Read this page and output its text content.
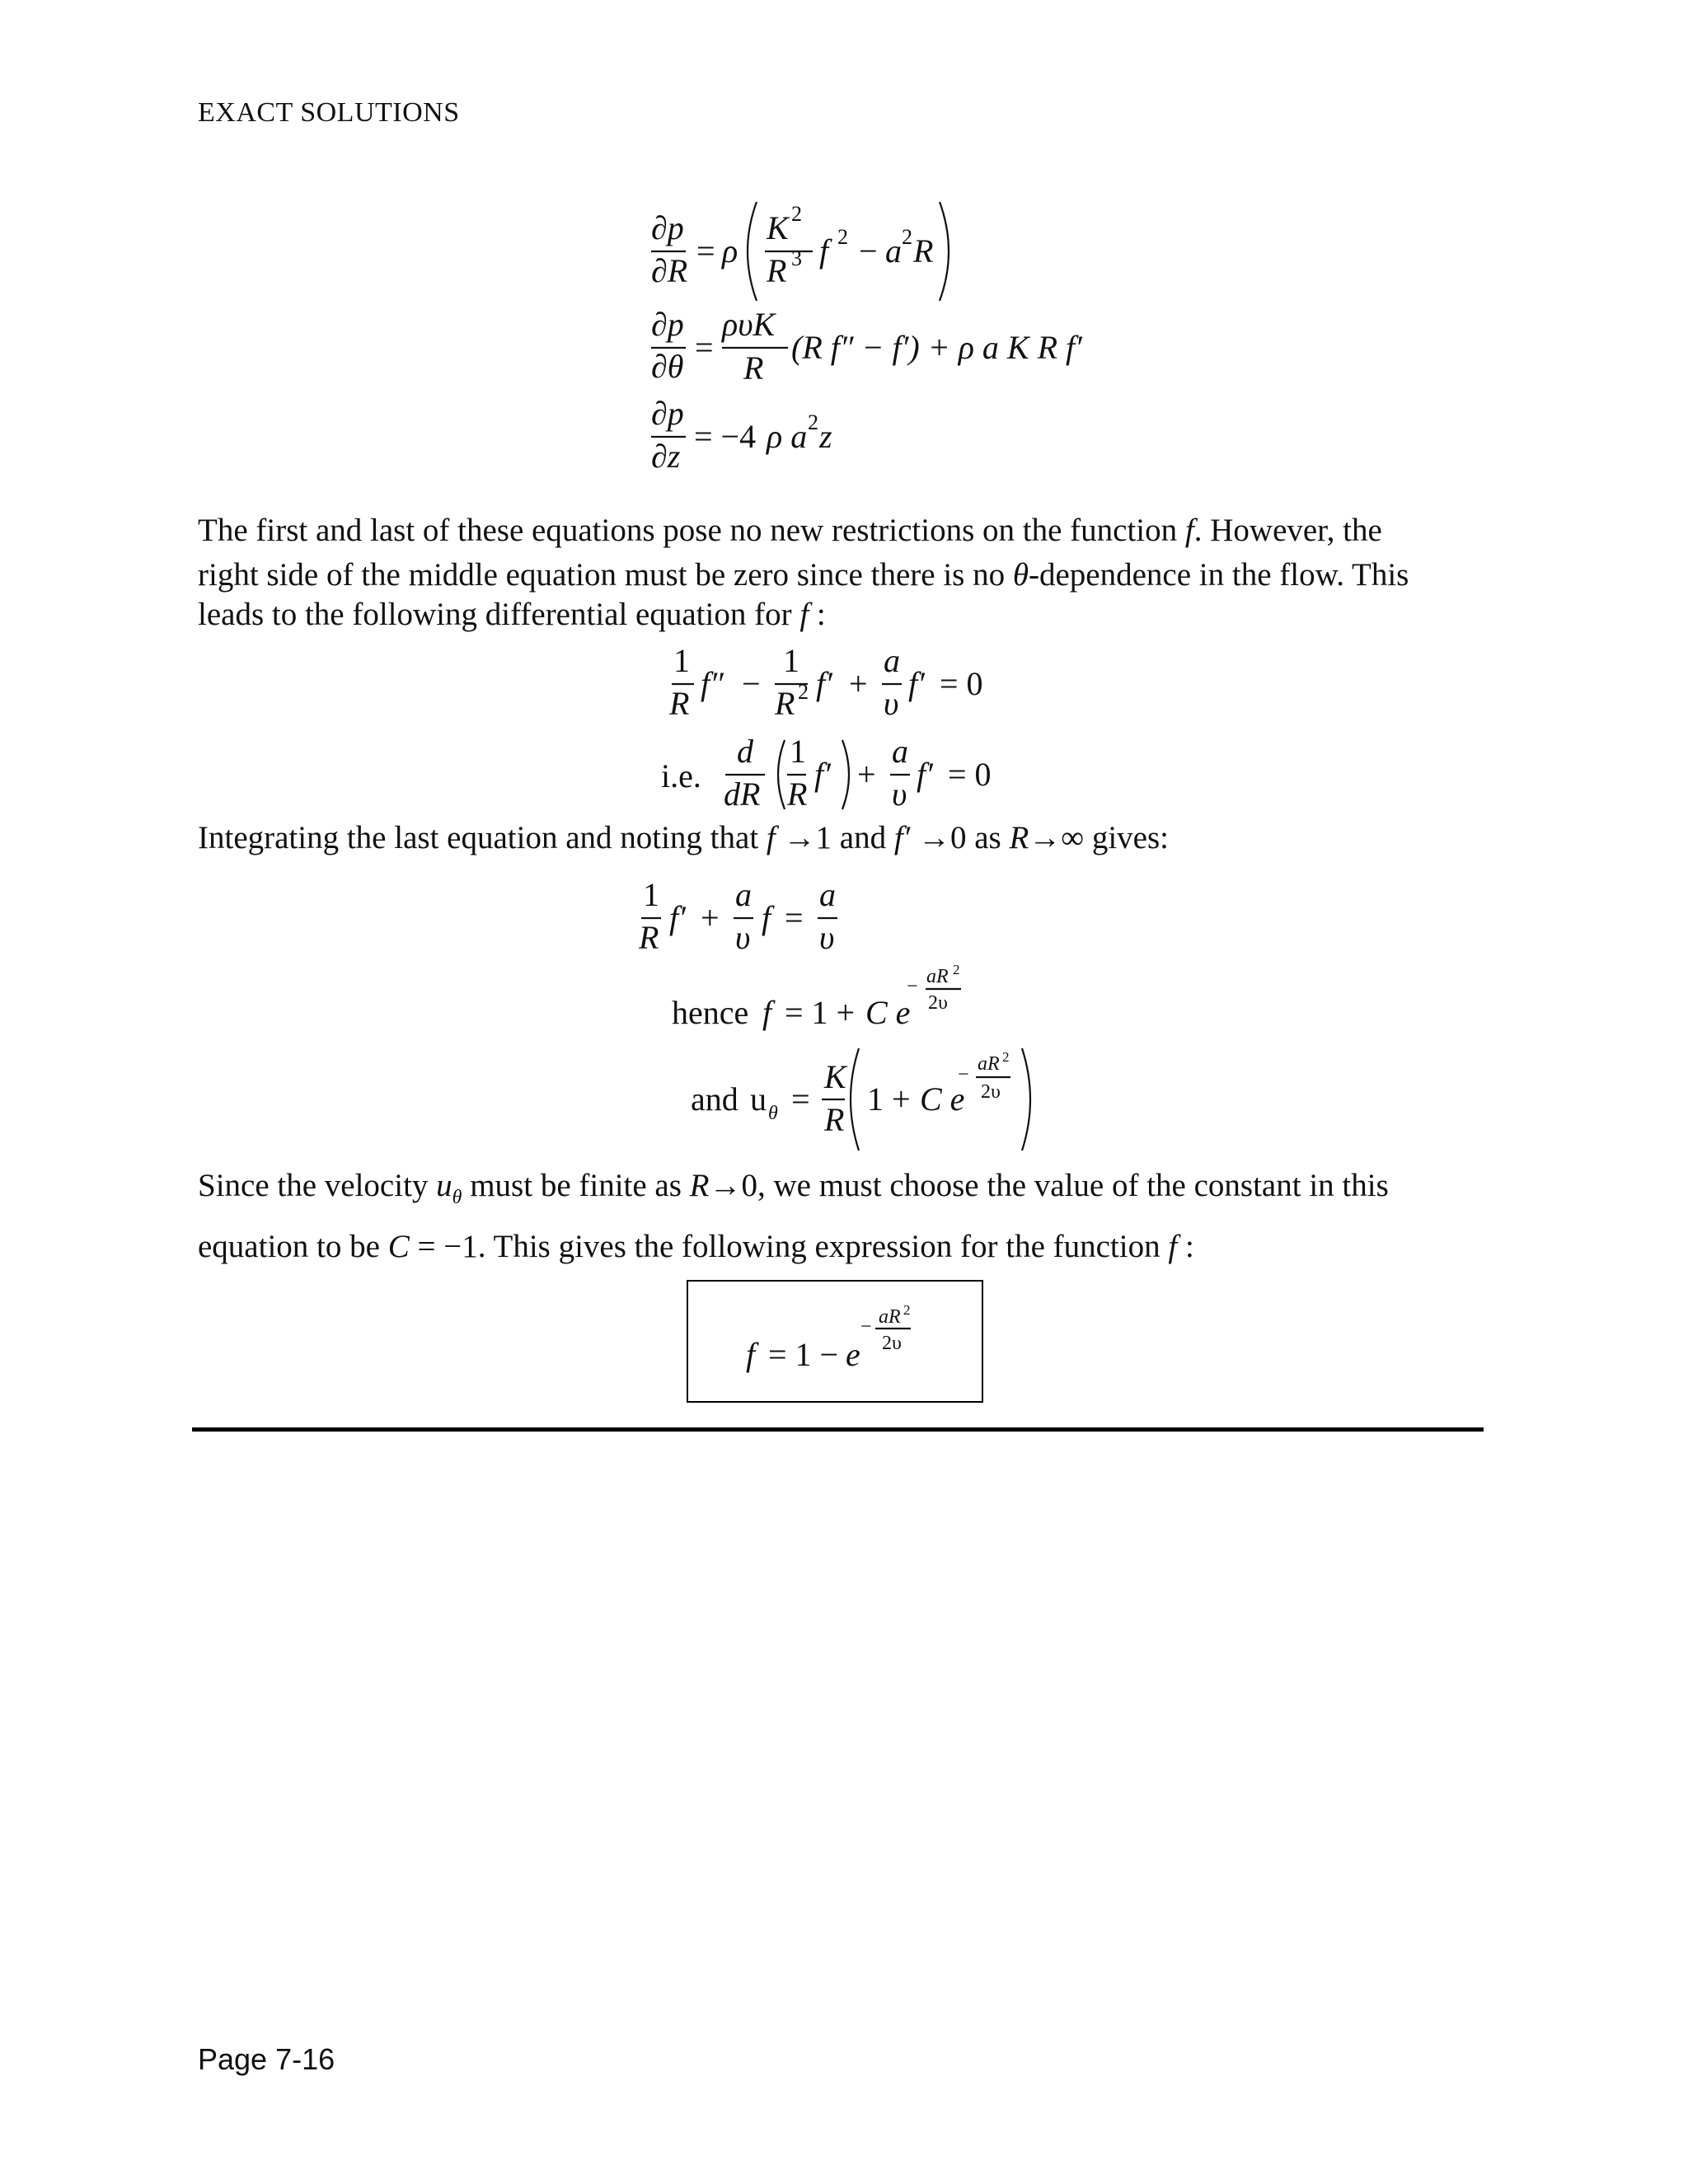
EXACT SOLUTIONS
The first and last of these equations pose no new restrictions on the function f. However, the
right side of the middle equation must be zero since there is no θ-dependence in the flow. This
leads to the following differential equation for f :
Integrating the last equation and noting that f →1 and f′ →0 as R→∞ gives:
Since the velocity $u_\theta$ must be finite as R→0, we must choose the value of the constant in this
equation to be C = −1. This gives the following expression for the function f :
∂p
∂R
= ρ
K 2
R 3 f 2 − a 2 R
∂p
∂θ
=
ρυK
R
(R f″ − f′) + ρ a K R f′
∂p
∂z
= −4 ρ a 2 z
1
R
f″ −
1
R 2 f′ +
a
υ
f′ = 0
i.e.
d
dR
1
R
f′ +
a
υ
f′ = 0
1
R
f′ +
a
υ
f =
a
υ
hence f = 1 + C e
− aR 2
2υ
and u θ =
K
R
1 + C e
− aR 2
2υ
f = 1 − e
− aR 2
2υ
Page 7-16
